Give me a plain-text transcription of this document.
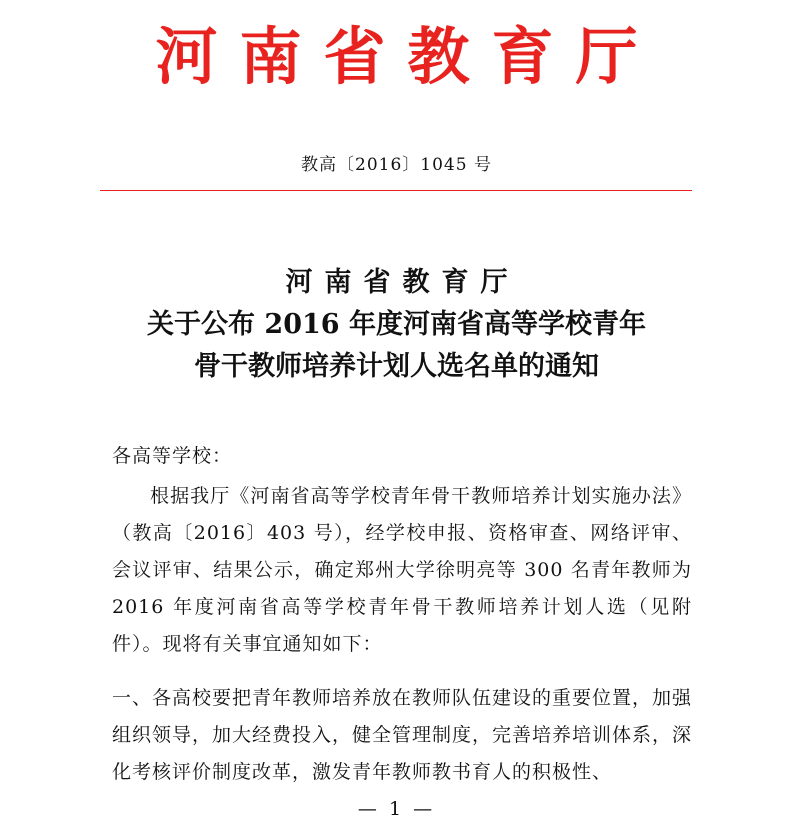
河南省教育厅
教高〔2016〕1045 号
河南省教育厅
关于公布 2016 年度河南省高等学校青年
骨干教师培养计划人选名单的通知
各高等学校：
根据我厅《河南省高等学校青年骨干教师培养计划实施办法》（教高〔2016〕403 号），经学校申报、资格审查、网络评审、会议评审、结果公示，确定郑州大学徐明亮等 300 名青年教师为 2016 年度河南省高等学校青年骨干教师培养计划人选（见附件）。现将有关事宜通知如下：
一、各高校要把青年教师培养放在教师队伍建设的重要位置，加强组织领导，加大经费投入，健全管理制度，完善培养培训体系，深化考核评价制度改革，激发青年教师教书育人的积极性、
— 1 —
